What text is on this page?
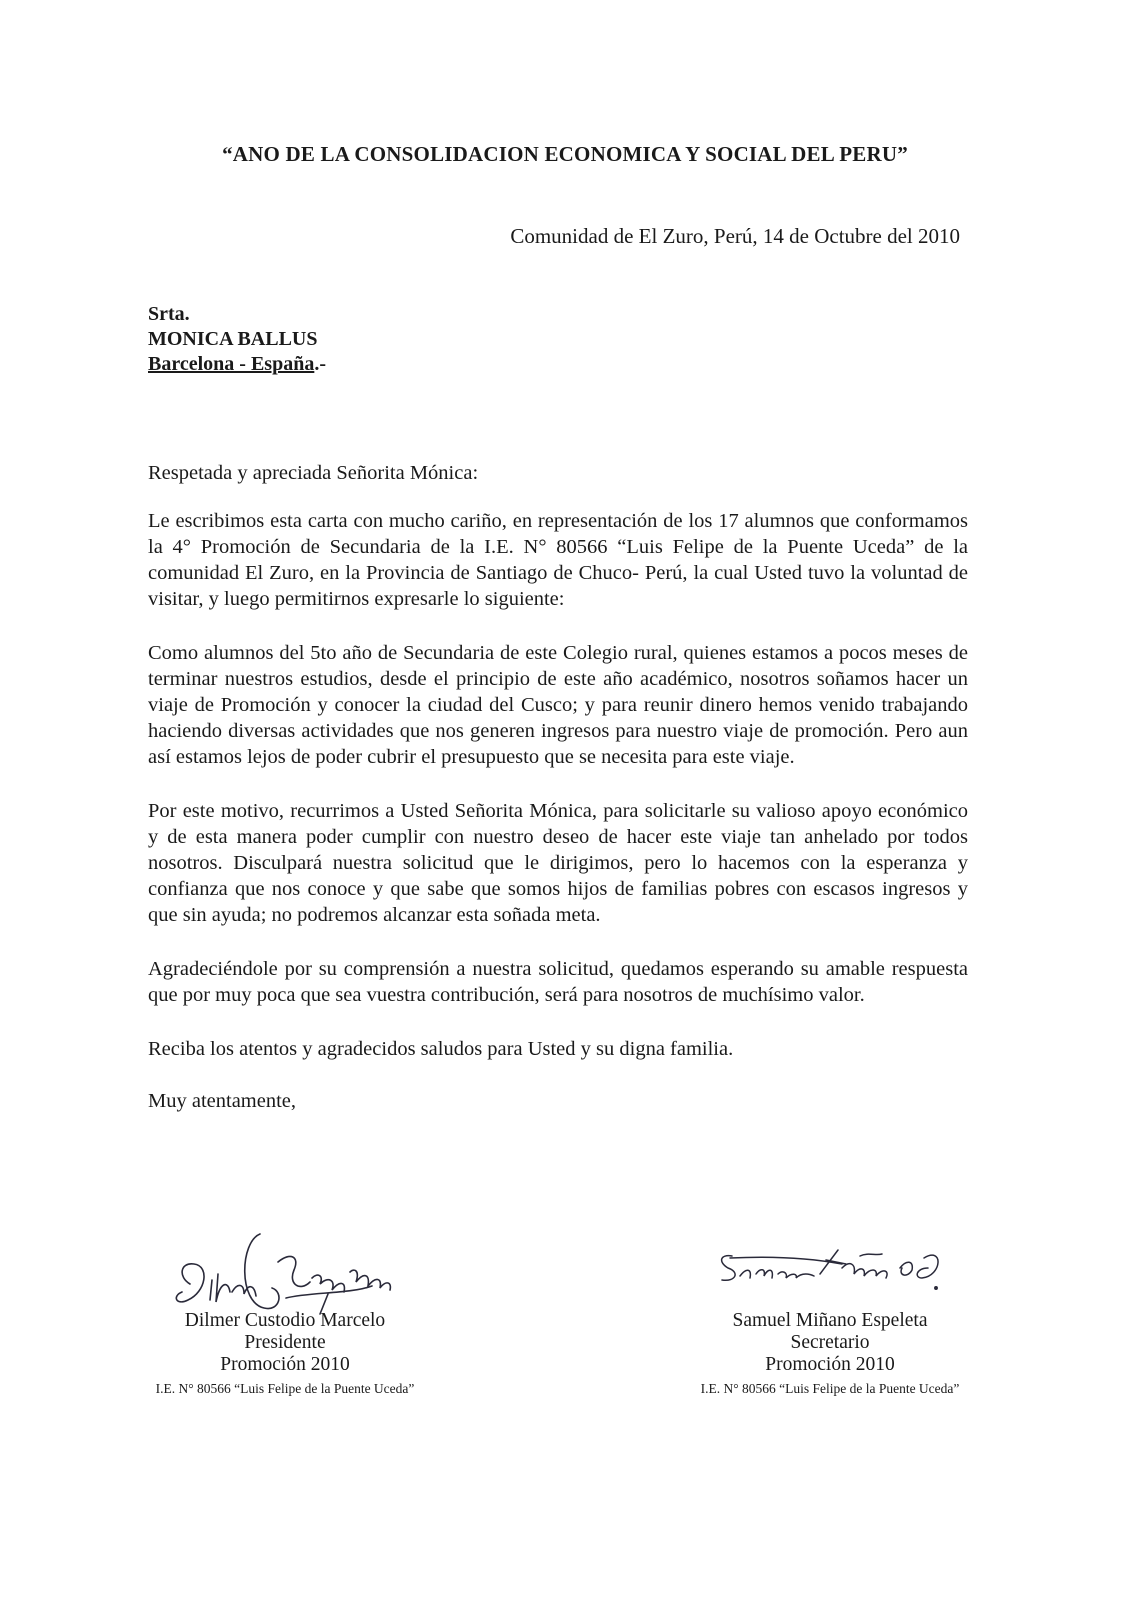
“ANO DE LA CONSOLIDACION ECONOMICA Y SOCIAL DEL PERU”
Comunidad de El Zuro, Perú, 14 de Octubre del 2010
Srta.
MONICA BALLUS
Barcelona - España.-

Respetada y apreciada Señorita Mónica:

Le escribimos esta carta con mucho cariño, en representación de los 17 alumnos que conformamos la 4° Promoción de Secundaria de la I.E. N° 80566 “Luis Felipe de la Puente Uceda” de la comunidad El Zuro, en la Provincia de Santiago de Chuco- Perú, la cual Usted tuvo la voluntad de visitar, y luego permitirnos expresarle lo siguiente:

Como alumnos del 5to año de Secundaria de este Colegio rural, quienes estamos a pocos meses de terminar nuestros estudios, desde el principio de este año académico, nosotros soñamos hacer un viaje de Promoción y conocer la ciudad del Cusco; y para reunir dinero hemos venido trabajando haciendo diversas actividades que nos generen ingresos para nuestro viaje de promoción. Pero aun así estamos lejos de poder cubrir el presupuesto que se necesita para este viaje.

Por este motivo, recurrimos a Usted Señorita Mónica, para solicitarle su valioso apoyo económico y de esta manera poder cumplir con nuestro deseo de hacer este viaje tan anhelado por todos nosotros. Disculpará nuestra solicitud que le dirigimos, pero lo hacemos con la esperanza y confianza que nos conoce y que sabe que somos hijos de familias pobres con escasos ingresos y que sin ayuda; no podremos alcanzar esta soñada meta.

Agradeciéndole por su comprensión a nuestra solicitud, quedamos esperando su amable respuesta que por muy poca que sea vuestra contribución, será para nosotros de muchísimo valor.

Reciba los atentos y agradecidos saludos para Usted y su digna familia.

Muy atentamente,

Dilmer Custodio Marcelo
Presidente
Promoción 2010
I.E. N° 80566 “Luis Felipe de la Puente Uceda”
Samuel Miñano Espeleta
Secretario
Promoción 2010
I.E. N° 80566 “Luis Felipe de la Puente Uceda”
